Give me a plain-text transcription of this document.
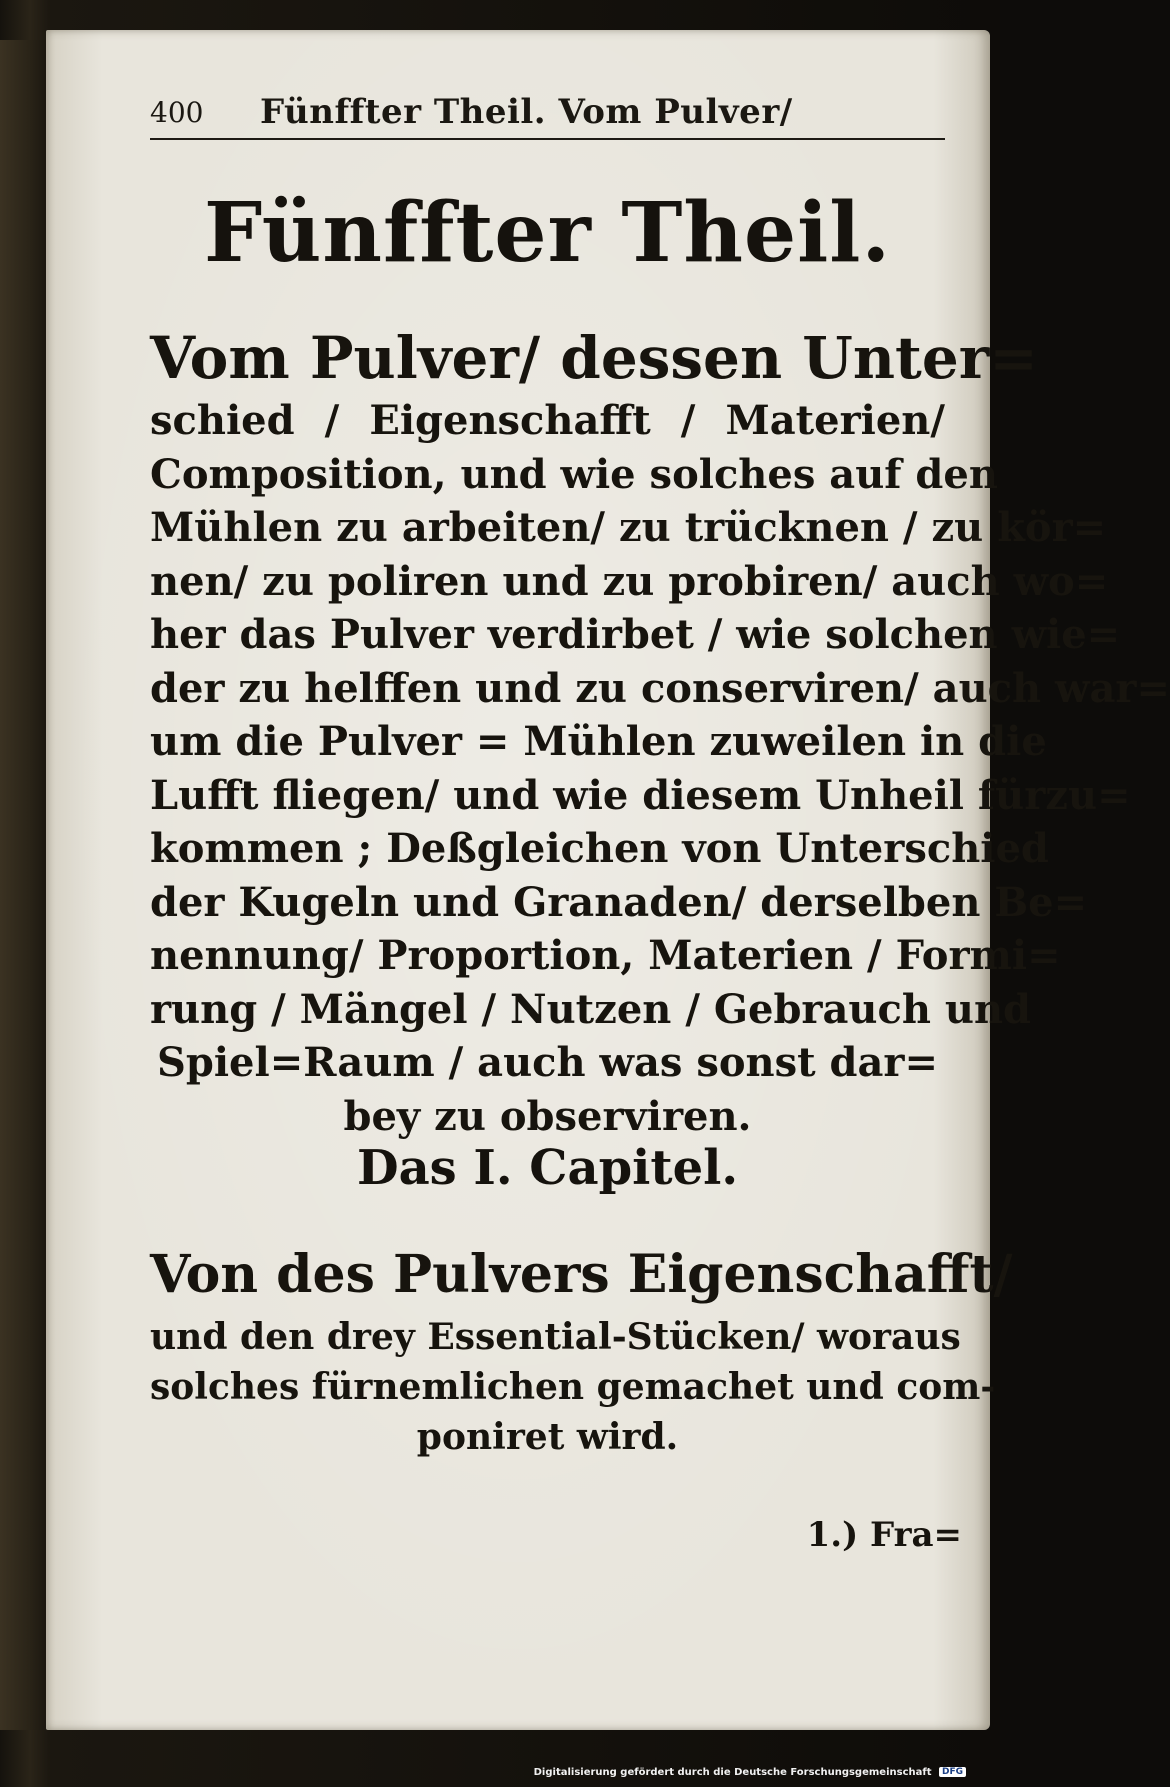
400 Fünffter Theil. Vom Pulver/
Fünffter Theil.
Vom Pulver/ dessen Unter=
schied / Eigenschafft / Materien/
Composition, und wie solches auf den
Mühlen zu arbeiten/ zu trücknen / zu kör=
nen/ zu poliren und zu probiren/ auch wo=
her das Pulver verdirbet / wie solchen wie=
der zu helffen und zu conserviren/ auch war=
um die Pulver = Mühlen zuweilen in die
Lufft fliegen/ und wie diesem Unheil fürzu=
kommen ; Deßgleichen von Unterschied
der Kugeln und Granaden/ derselben Be=
nennung/ Proportion, Materien / Formi=
rung / Mängel / Nutzen / Gebrauch und
Spiel=Raum / auch was sonst dar=
bey zu observiren.
Das I. Capitel.
Von des Pulvers Eigenschafft/
und den drey Essential-Stücken/ woraus
solches fürnemlichen gemachet und com-
poniret wird.
1.) Fra=
Digitalisierung gefördert durch die Deutsche Forschungsgemeinschaft DFG
